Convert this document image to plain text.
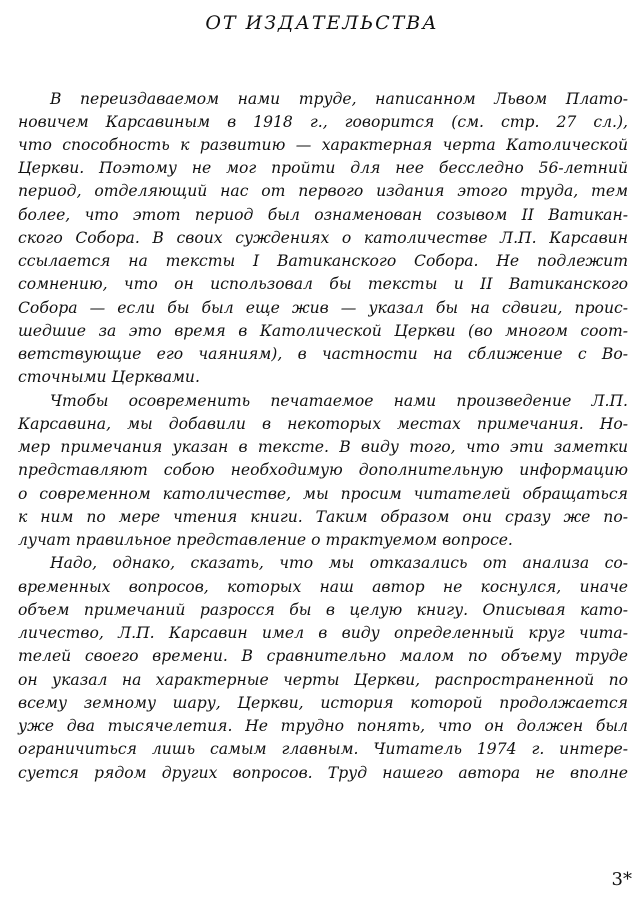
ОТ ИЗДАТЕЛЬСТВА
В переиздаваемом нами труде, написанном Львом Плато-
новичем Карсавиным в 1918 г., говорится (см. стр. 27 сл.),
что способность к развитию — характерная черта Католической
Церкви. Поэтому не мог пройти для нее бесследно 56-летний
период, отделяющий нас от первого издания этого труда, тем
более, что этот период был ознаменован созывом II Ватикан-
ского Собора. В своих суждениях о католичестве Л.П. Карсавин
ссылается на тексты I Ватиканского Собора. Не подлежит
сомнению, что он использовал бы тексты и II Ватиканского
Собора — если бы был еще жив — указал бы на сдвиги, проис-
шедшие за это время в Католической Церкви (во многом соот-
ветствующие его чаяниям), в частности на сближение с Во-
сточными Церквами.
Чтобы осовременить печатаемое нами произведение Л.П.
Карсавина, мы добавили в некоторых местах примечания. Но-
мер примечания указан в тексте. В виду того, что эти заметки
представляют собою необходимую дополнительную информацию
о современном католичестве, мы просим читателей обращаться
к ним по мере чтения книги. Таким образом они сразу же по-
лучат правильное представление о трактуемом вопросе.
Надо, однако, сказать, что мы отказались от анализа со-
временных вопросов, которых наш автор не коснулся, иначе
объем примечаний разросся бы в целую книгу. Описывая като-
личество, Л.П. Карсавин имел в виду определенный круг чита-
телей своего времени. В сравнительно малом по объему труде
он указал на характерные черты Церкви, распространенной по
всему земному шару, Церкви, история которой продолжается
уже два тысячелетия. Не трудно понять, что он должен был
ограничиться лишь самым главным. Читатель 1974 г. интере-
суется рядом других вопросов. Труд нашего автора не вполне
3*
